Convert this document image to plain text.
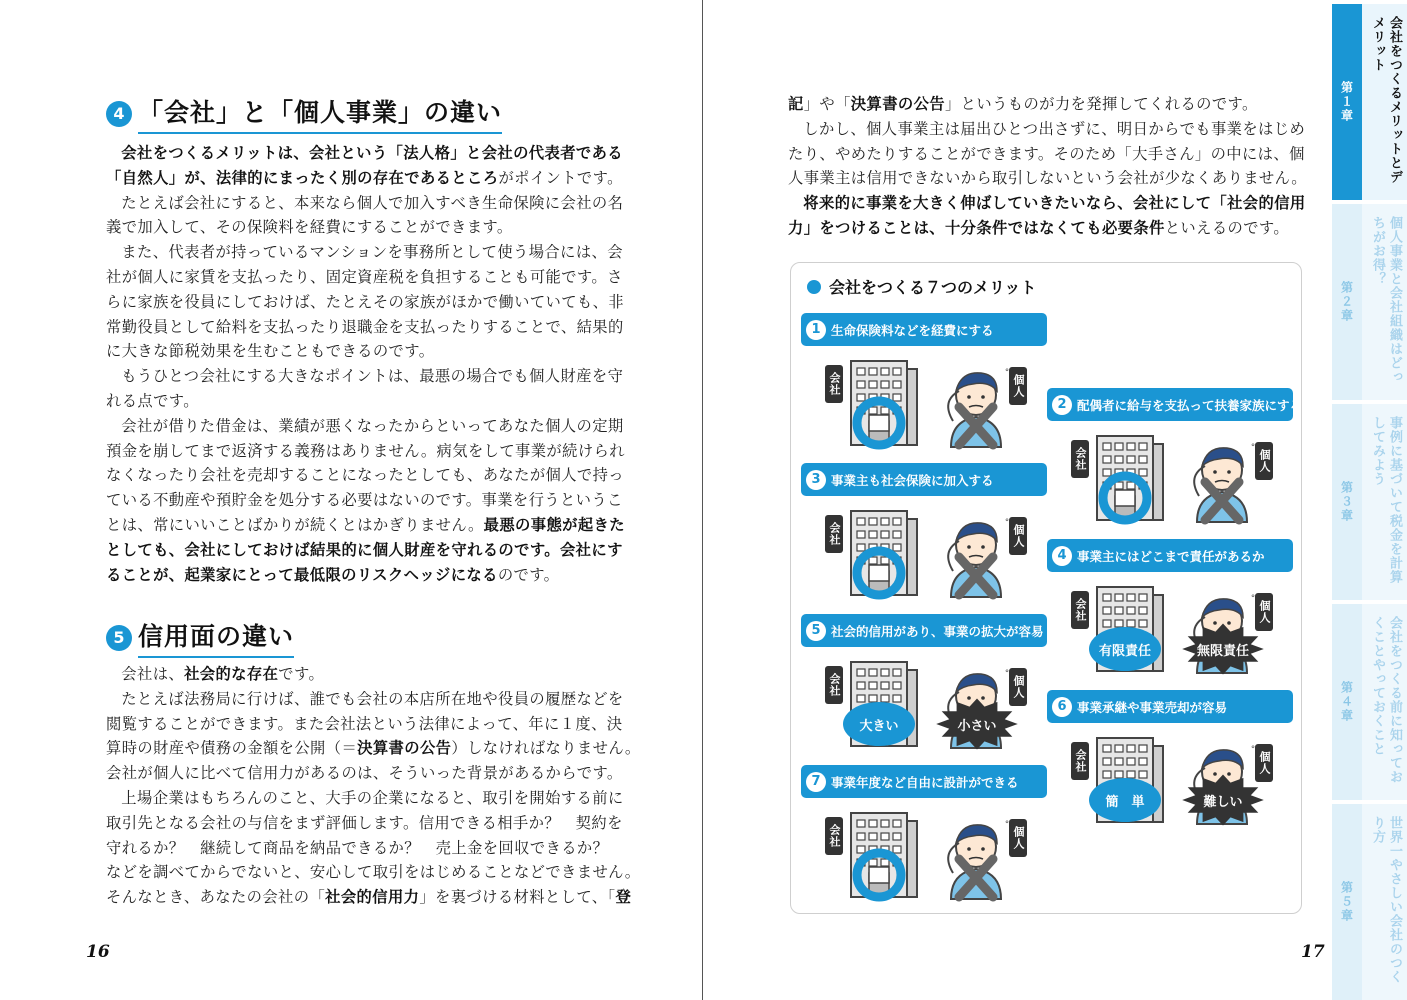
4 「会社」と「個人事業」の違い

会社をつくるメリットは、会社という「法人格」と会社の代表者である

「自然人」が、法律的にまったく別の存在であるところがポイントです。

たとえば会社にすると、本来なら個人で加入すべき生命保険に会社の名

義で加入して、その保険料を経費にすることができます。

また、代表者が持っているマンションを事務所として使う場合には、会

社が個人に家賃を支払ったり、固定資産税を負担することも可能です。さ

らに家族を役員にしておけば、たとえその家族がほかで働いていても、非

常勤役員として給料を支払ったり退職金を支払ったりすることで、結果的

に大きな節税効果を生むこともできるのです。

もうひとつ会社にする大きなポイントは、最悪の場合でも個人財産を守

れる点です。

会社が借りた借金は、業績が悪くなったからといってあなた個人の定期

預金を崩してまで返済する義務はありません。病気をして事業が続けられ

なくなったり会社を売却することになったとしても、あなたが個人で持っ

ている不動産や預貯金を処分する必要はないのです。事業を行うというこ

とは、常にいいことばかりが続くとはかぎりません。最悪の事態が起きた

としても、会社にしておけば結果的に個人財産を守れるのです。会社にす

ることが、起業家にとって最低限のリスクヘッジになるのです。

5 信用面の違い

会社は、社会的な存在です。

たとえば法務局に行けば、誰でも会社の本店所在地や役員の履歴などを

閲覧することができます。また会社法という法律によって、年に１度、決

算時の財産や債務の金額を公開（＝決算書の公告）しなければなりません。

会社が個人に比べて信用力があるのは、そういった背景があるからです。

上場企業はもちろんのこと、大手の企業になると、取引を開始する前に

取引先となる会社の与信をまず評価します。信用できる相手か？　契約を

守れるか？　継続して商品を納品できるか？　売上金を回収できるか？

などを調べてからでないと、安心して取引をはじめることなどできません。

そんなとき、あなたの会社の「社会的信用力」を裏づける材料として、「登

16

記」や「決算書の公告」というものが力を発揮してくれるのです。

しかし、個人事業主は届出ひとつ出さずに、明日からでも事業をはじめ

たり、やめたりすることができます。そのため「大手さん」の中には、個

人事業主は信用できないから取引しないという会社が少なくありません。

将来的に事業を大きく伸ばしていきたいなら、会社にして「社会的信用

力」をつけることは、十分条件ではなくても必要条件といえるのです。

会社をつくる７つのメリット
1 生命保険料などを経費にする
ᐤ
会社	個人
2 配偶者に給与を支払って扶養家族にする
ᐤ
会社	個人
3 事業主も社会保険に加入する
ᐤ
会社	個人
4 事業主にはどこまで責任があるか
ᐤ
会社	個人
有限責任	無限責任
5 社会的信用があり、事業の拡大が容易
ᐤ
会社	個人
大きい	小さい
6 事業承継や事業売却が容易
ᐤ
会社	個人
簡　単	難しい
7 事業年度など自由に設計ができる
ᐤ
会社	個人
17
第１章	会社をつくるメリットとデメリット
第２章	個人事業と会社組織はどっちがお得？
第３章	事例に基づいて税金を計算してみよう
第４章	会社をつくる前に知っておくことやっておくこと
第５章	世界一やさしい会社のつくり方
